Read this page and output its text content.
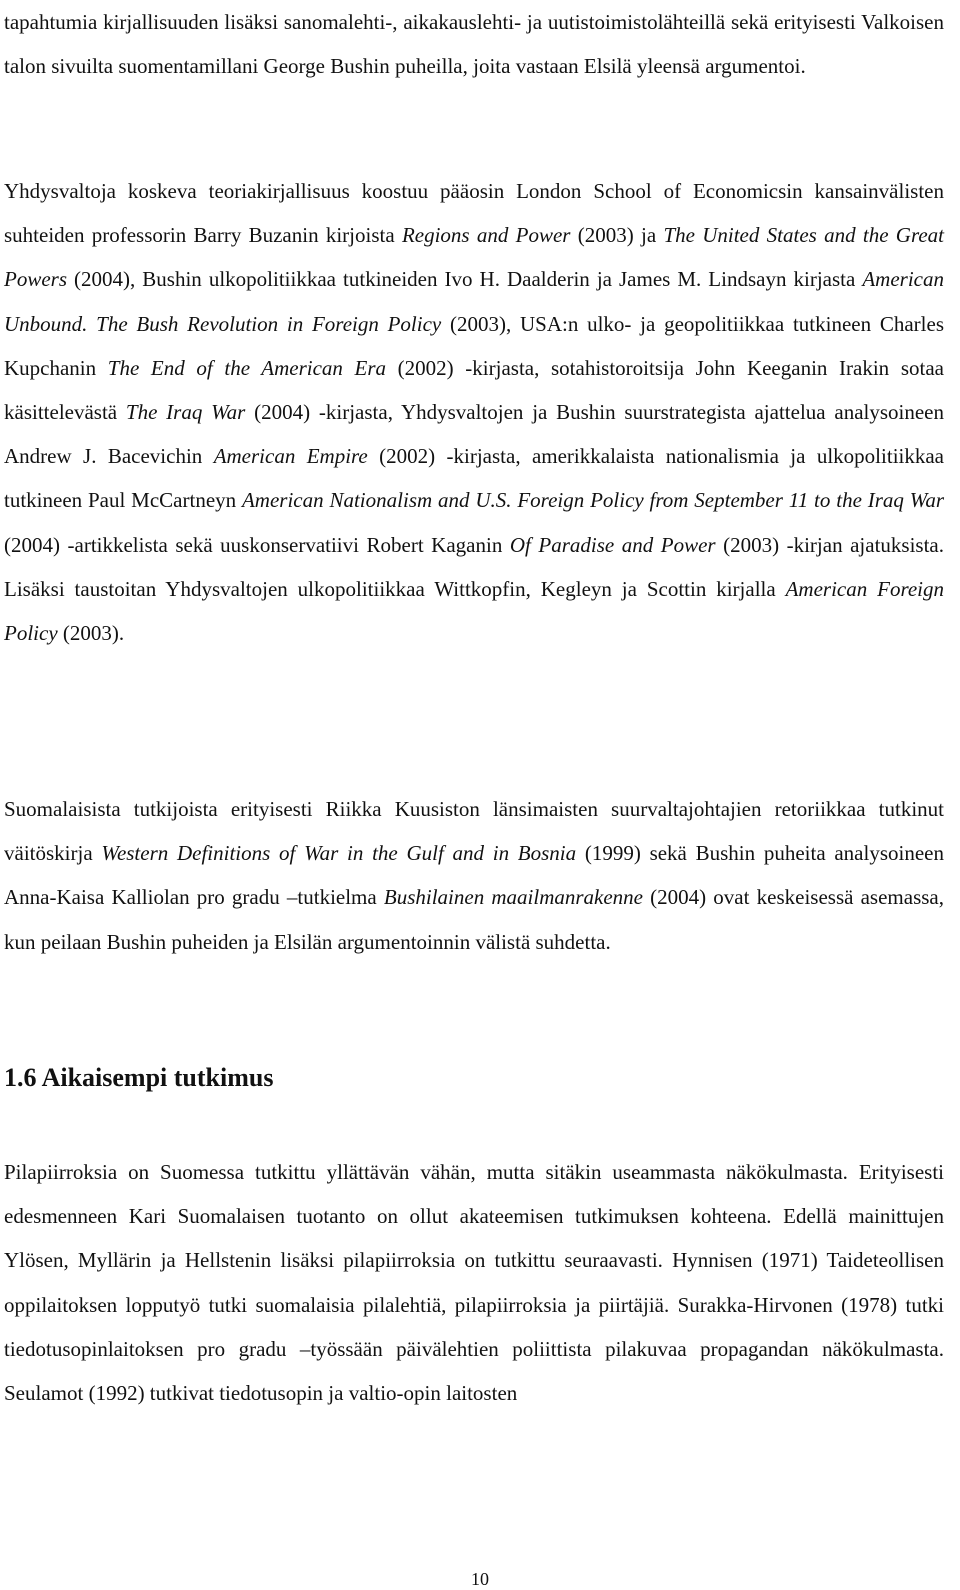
tapahtumia kirjallisuuden lisäksi sanomalehti-, aikakauslehti- ja uutistoimistolähteillä sekä erityisesti Valkoisen talon sivuilta suomentamillani George Bushin puheilla, joita vastaan Elsilä yleensä argumentoi.

Yhdysvaltoja koskeva teoriakirjallisuus koostuu pääosin London School of Economicsin kansainvälisten suhteiden professorin Barry Buzanin kirjoista Regions and Power (2003) ja The United States and the Great Powers (2004), Bushin ulkopolitiikkaa tutkineiden Ivo H. Daalderin ja James M. Lindsayn kirjasta American Unbound. The Bush Revolution in Foreign Policy (2003), USA:n ulko- ja geopolitiikkaa tutkineen Charles Kupchanin The End of the American Era (2002) -kirjasta, sotahistoroitsija John Keeganin Irakin sotaa käsittelevästä The Iraq War (2004) -kirjasta, Yhdysvaltojen ja Bushin suurstrategista ajattelua analysoineen Andrew J. Bacevichin American Empire (2002) -kirjasta, amerikkalaista nationalismia ja ulkopolitiikkaa tutkineen Paul McCartneyn American Nationalism and U.S. Foreign Policy from September 11 to the Iraq War (2004) -artikkelista sekä uuskonservatiivi Robert Kaganin Of Paradise and Power (2003) -kirjan ajatuksista. Lisäksi taustoitan Yhdysvaltojen ulkopolitiikkaa Wittkopfin, Kegleyn ja Scottin kirjalla American Foreign Policy (2003).

Suomalaisista tutkijoista erityisesti Riikka Kuusiston länsimaisten suurvaltajohtajien retoriikkaa tutkinut väitöskirja Western Definitions of War in the Gulf and in Bosnia (1999) sekä Bushin puheita analysoineen Anna-Kaisa Kalliolan pro gradu –tutkielma Bushilainen maailmanrakenne (2004) ovat keskeisessä asemassa, kun peilaan Bushin puheiden ja Elsilän argumentoinnin välistä suhdetta.

1.6 Aikaisempi tutkimus

Pilapiirroksia on Suomessa tutkittu yllättävän vähän, mutta sitäkin useammasta näkökulmasta. Erityisesti edesmenneen Kari Suomalaisen tuotanto on ollut akateemisen tutkimuksen kohteena. Edellä mainittujen Ylösen, Myllärin ja Hellstenin lisäksi pilapiirroksia on tutkittu seuraavasti. Hynnisen (1971) Taideteollisen oppilaitoksen lopputyö tutki suomalaisia pilalehtiä, pilapiirroksia ja piirtäjiä. Surakka-Hirvonen (1978) tutki tiedotusopinlaitoksen pro gradu –työssään päivälehtien poliittista pilakuvaa propagandan näkökulmasta. Seulamot (1992) tutkivat tiedotusopin ja valtio-opin laitosten

10
